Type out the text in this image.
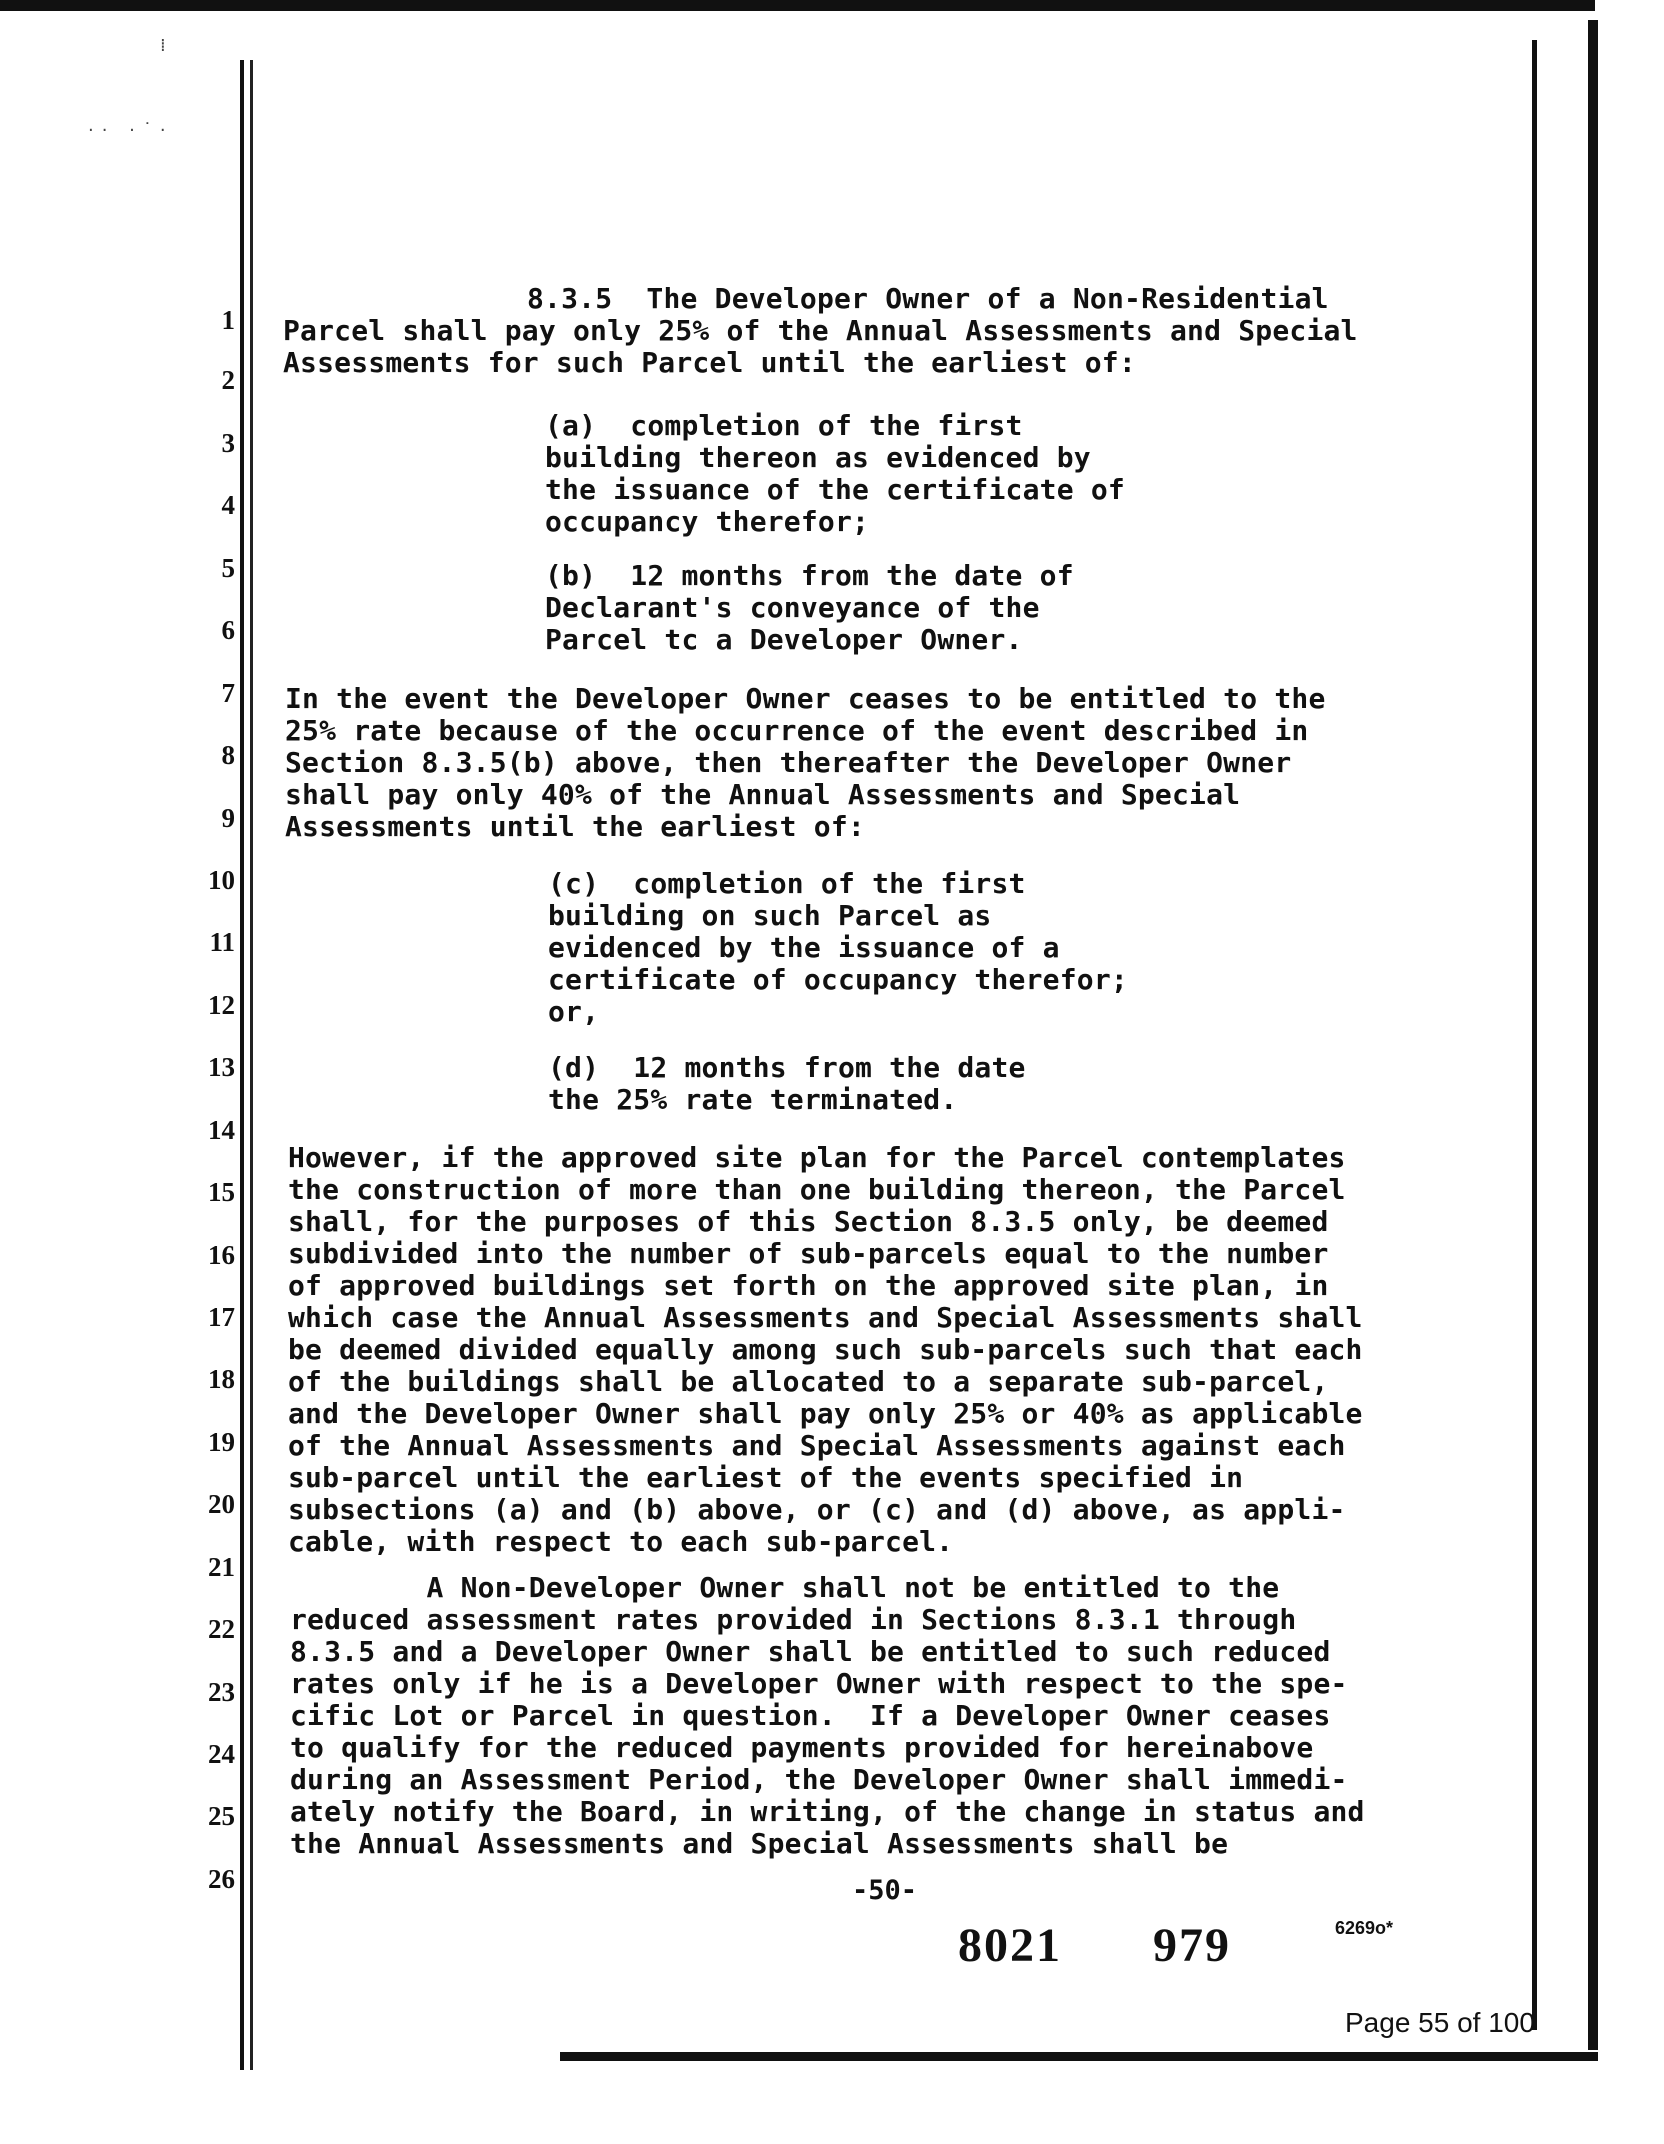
⁞
·· ·˙·
1
2
3
4
5
6
7
8
9
10
11
12
13
14
15
16
17
18
19
20
21
22
23
24
25
26
8.3.5  The Developer Owner of a Non-Residential
Parcel shall pay only 25% of the Annual Assessments and Special
Assessments for such Parcel until the earliest of:
(a)  completion of the first
building thereon as evidenced by
the issuance of the certificate of
occupancy therefor;
(b)  12 months from the date of
Declarant's conveyance of the
Parcel tc a Developer Owner.
In the event the Developer Owner ceases to be entitled to the
25% rate because of the occurrence of the event described in
Section 8.3.5(b) above, then thereafter the Developer Owner
shall pay only 40% of the Annual Assessments and Special
Assessments until the earliest of:
(c)  completion of the first
building on such Parcel as
evidenced by the issuance of a
certificate of occupancy therefor;
or,
(d)  12 months from the date
the 25% rate terminated.
However, if the approved site plan for the Parcel contemplates
the construction of more than one building thereon, the Parcel
shall, for the purposes of this Section 8.3.5 only, be deemed
subdivided into the number of sub-parcels equal to the number
of approved buildings set forth on the approved site plan, in
which case the Annual Assessments and Special Assessments shall
be deemed divided equally among such sub-parcels such that each
of the buildings shall be allocated to a separate sub-parcel,
and the Developer Owner shall pay only 25% or 40% as applicable
of the Annual Assessments and Special Assessments against each
sub-parcel until the earliest of the events specified in
subsections (a) and (b) above, or (c) and (d) above, as appli-
cable, with respect to each sub-parcel.
A Non-Developer Owner shall not be entitled to the
reduced assessment rates provided in Sections 8.3.1 through
8.3.5 and a Developer Owner shall be entitled to such reduced
rates only if he is a Developer Owner with respect to the spe-
cific Lot or Parcel in question.  If a Developer Owner ceases
to qualify for the reduced payments provided for hereinabove
during an Assessment Period, the Developer Owner shall immedi-
ately notify the Board, in writing, of the change in status and
the Annual Assessments and Special Assessments shall be
-50-
8021 979	6269o*
Page 55 of 100
